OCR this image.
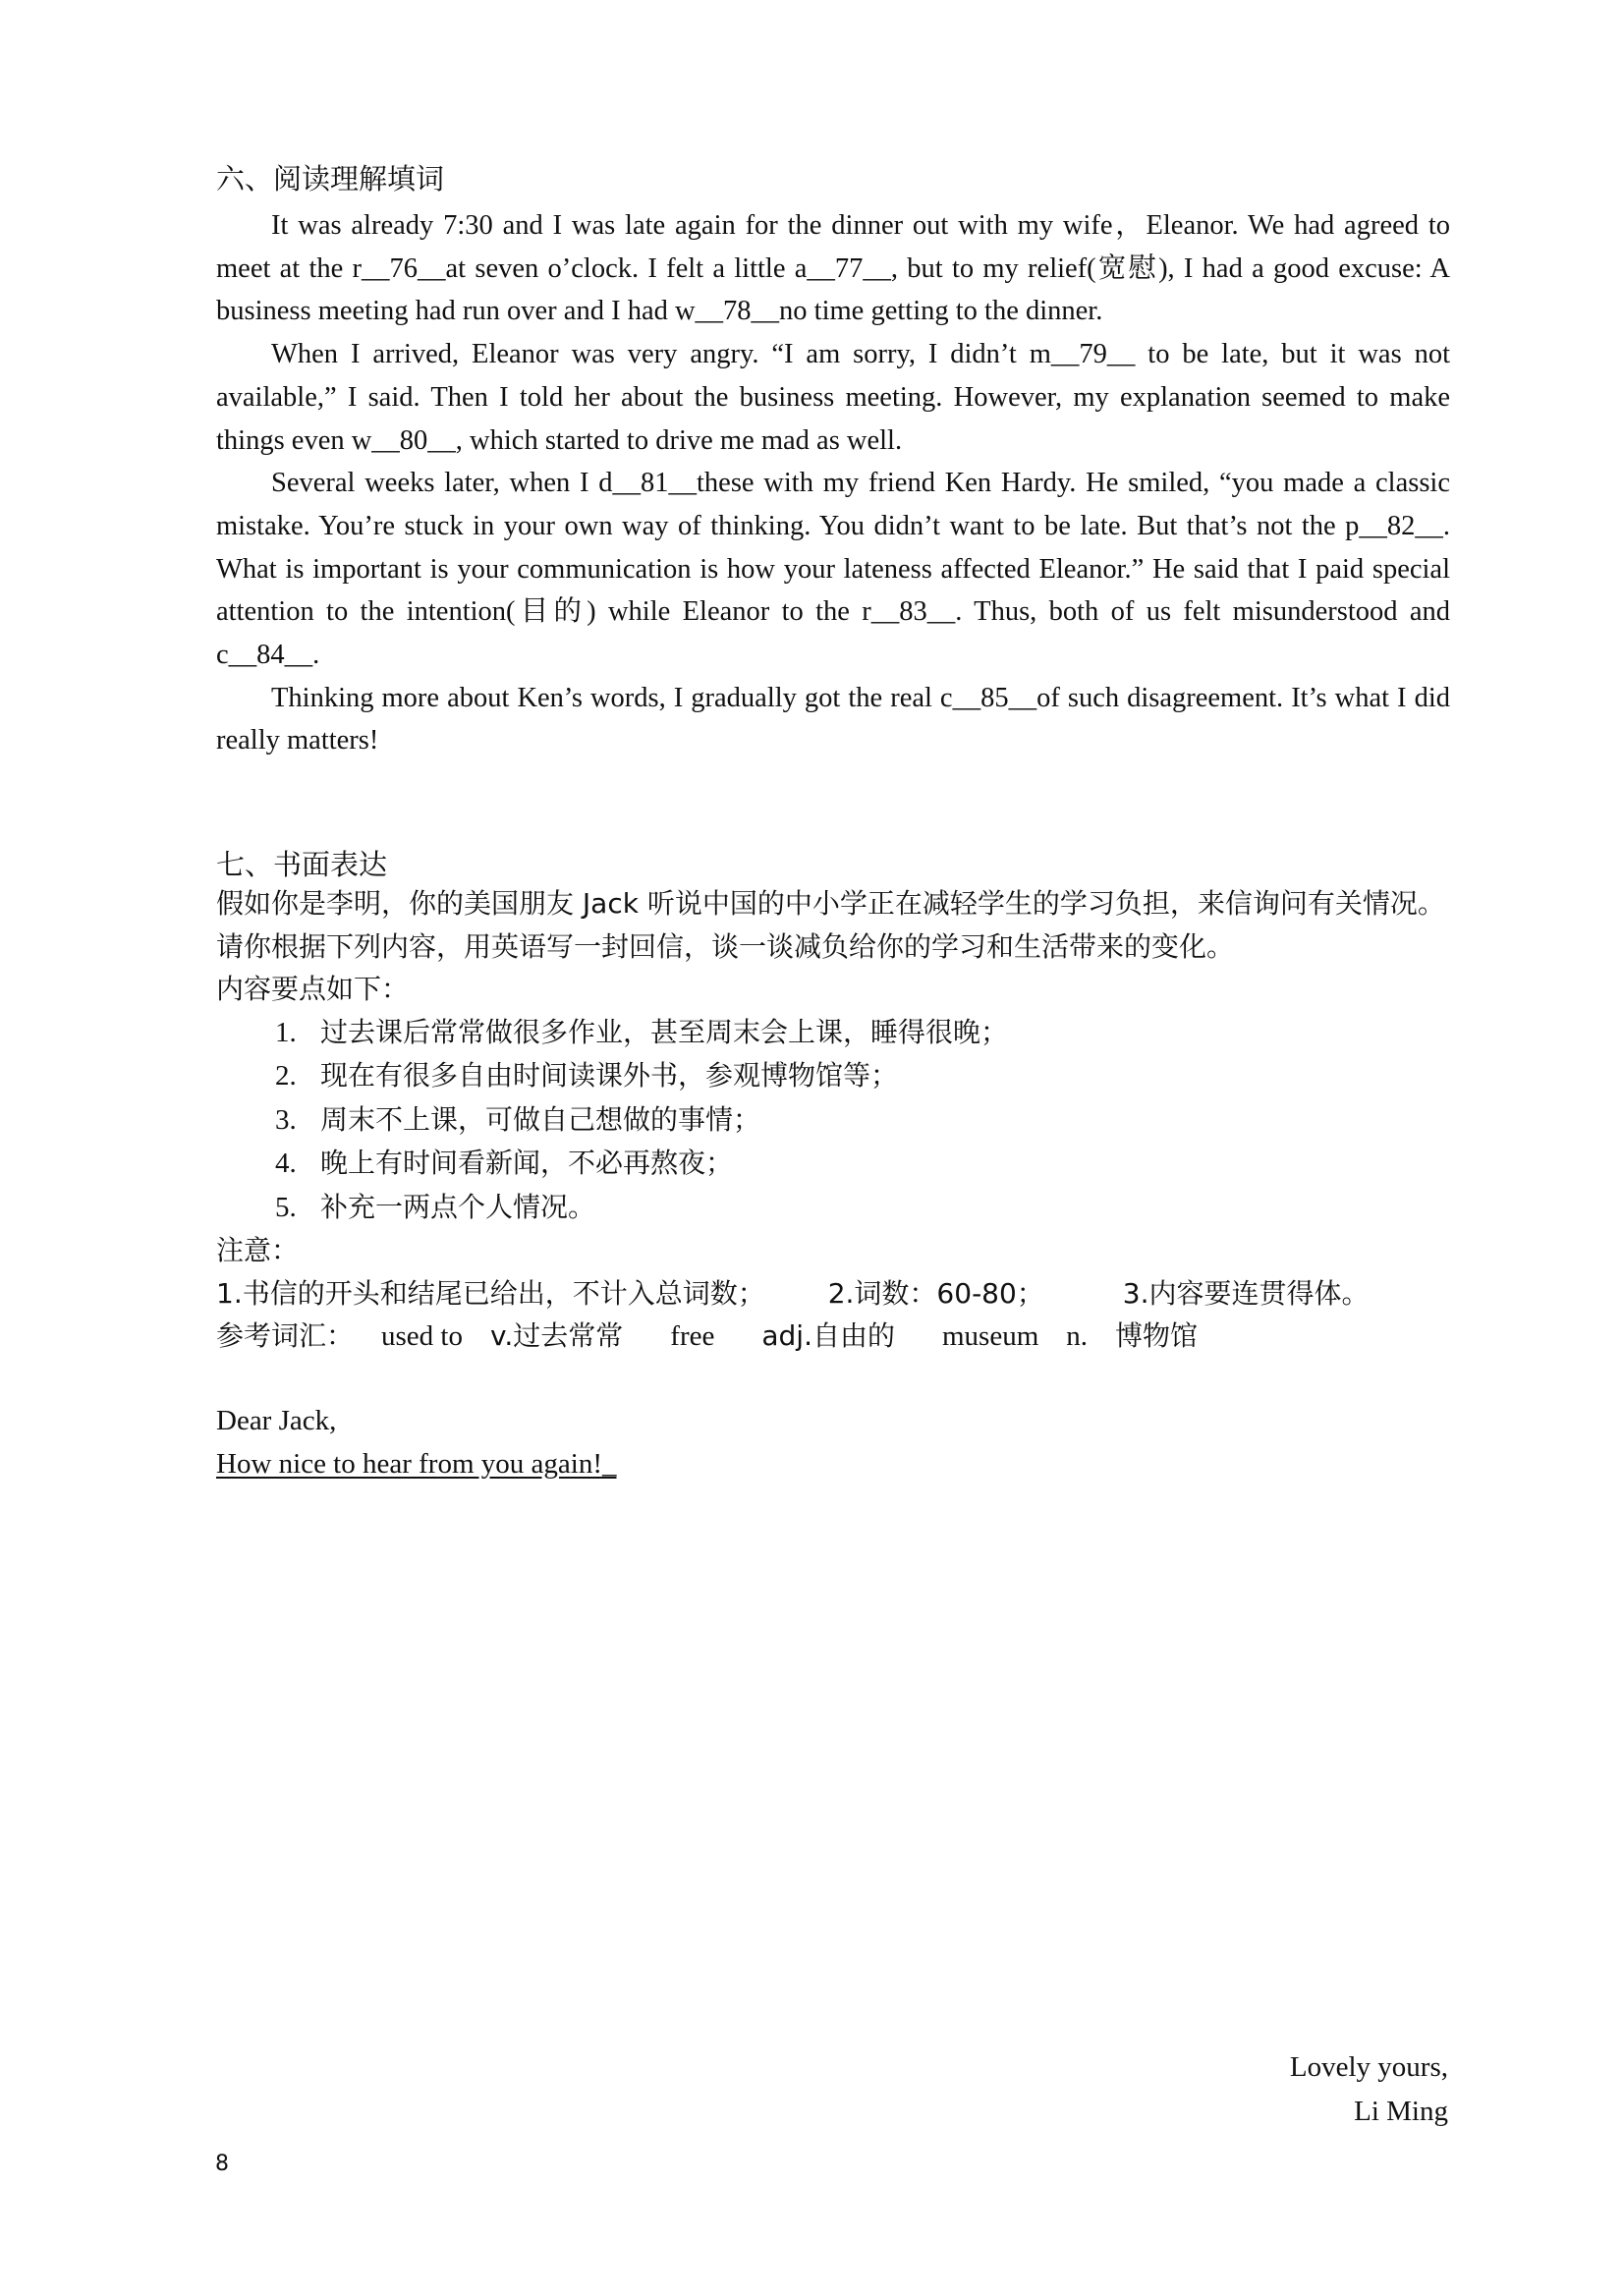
六、阅读理解填词

It was already 7:30 and I was late again for the dinner out with my wife，Eleanor. We had agreed to meet at the r__76__at seven o’clock. I felt a little a__77__, but to my relief(宽慰), I had a good excuse: A business meeting had run over and I had w__78__no time getting to the dinner.

When I arrived, Eleanor was very angry. “I am sorry, I didn’t m__79__ to be late, but it was not available,” I said. Then I told her about the business meeting. However, my explanation seemed to make things even w__80__, which started to drive me mad as well.

Several weeks later, when I d__81__these with my friend Ken Hardy. He smiled, “you made a classic mistake. You’re stuck in your own way of thinking. You didn’t want to be late. But that’s not the p__82__. What is important is your communication is how your lateness affected Eleanor.” He said that I paid special attention to the intention(目的) while Eleanor to the r__83__. Thus, both of us felt misunderstood and c__84__.

Thinking more about Ken’s words, I gradually got the real c__85__of such disagreement. It’s what I did really matters!

七、书面表达

假如你是李明，你的美国朋友 Jack 听说中国的中小学正在减轻学生的学习负担，来信询问有关情况。请你根据下列内容，用英语写一封回信，谈一谈减负给你的学习和生活带来的变化。

内容要点如下：

1. 过去课后常常做很多作业，甚至周末会上课，睡得很晚；
2. 现在有很多自由时间读课外书，参观博物馆等；
3. 周末不上课，可做自己想做的事情；
4. 晚上有时间看新闻，不必再熬夜；
5. 补充一两点个人情况。

注意：

1.书信的开头和结尾已给出，不计入总词数； 2.词数：60-80；	3.内容要连贯得体。

参考词汇： used to v.过去常常 free adj.自由的 museum n. 博物馆

Dear Jack,
How nice to hear from you again!_
Lovely yours,
Li Ming
8
